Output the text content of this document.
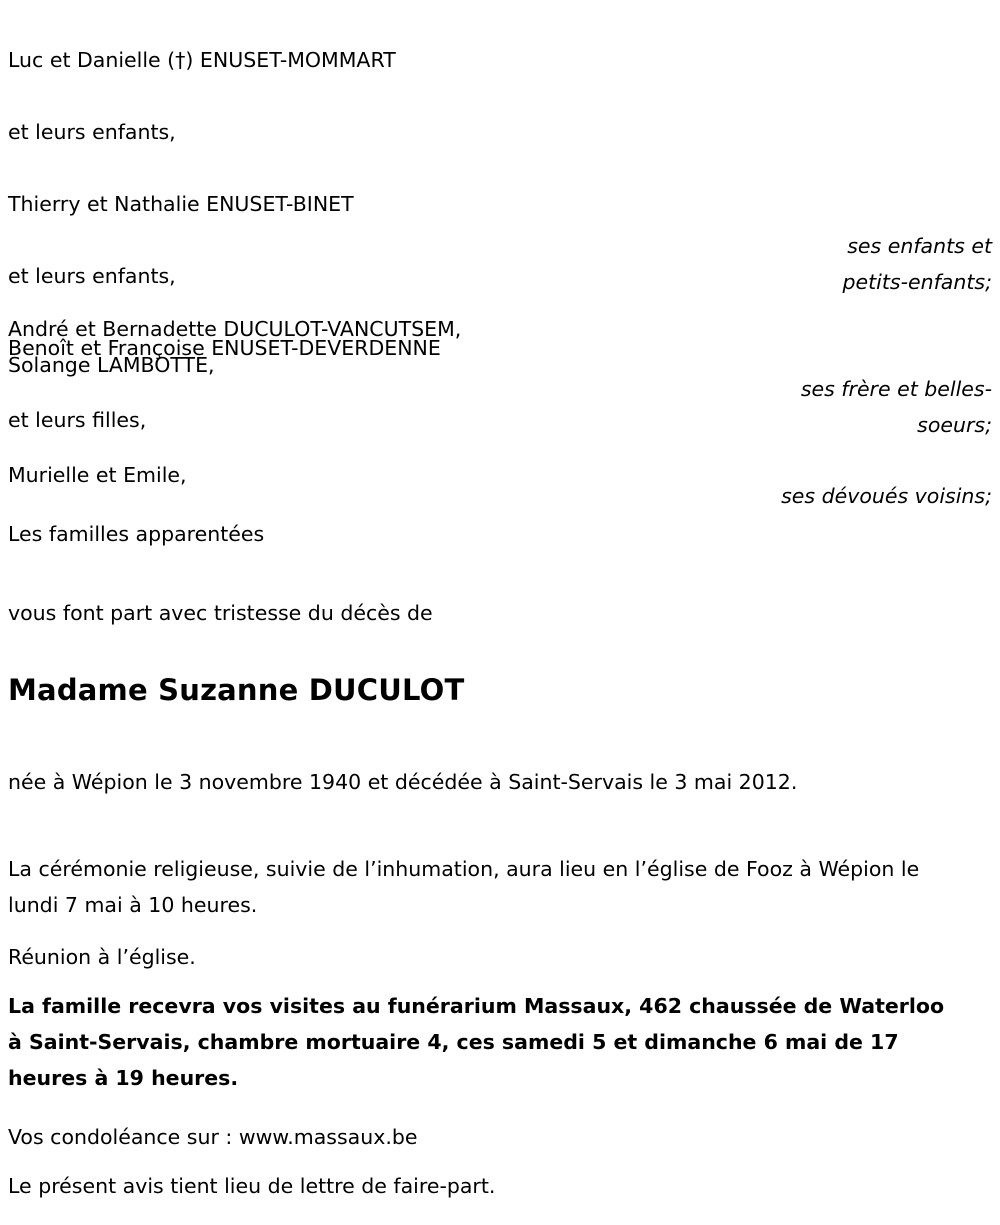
Luc et Danielle (†) ENUSET-MOMMART

et leurs enfants,

Thierry et Nathalie ENUSET-BINET

et leurs enfants,

Benoît et Françoise ENUSET-DEVERDENNE

et leurs filles,

ses enfants et
petits-enfants;
André et Bernadette DUCULOT-VANCUTSEM,
Solange LAMBOTTE,
ses frère et belles-
soeurs;
Murielle et Emile,
ses dévoués voisins;
Les familles apparentées

vous font part avec tristesse du décès de

Madame Suzanne DUCULOT

née à Wépion le 3 novembre 1940 et décédée à Saint-Servais le 3 mai 2012.

La cérémonie religieuse, suivie de l’inhumation, aura lieu en l’église de Fooz à Wépion le lundi 7 mai à 10 heures.

Réunion à l’église.

La famille recevra vos visites au funérarium Massaux, 462 chaussée de Waterloo à Saint-Servais, chambre mortuaire 4, ces samedi 5 et dimanche 6 mai de 17 heures à 19 heures.

Vos condoléance sur : www.massaux.be

Le présent avis tient lieu de lettre de faire-part.
